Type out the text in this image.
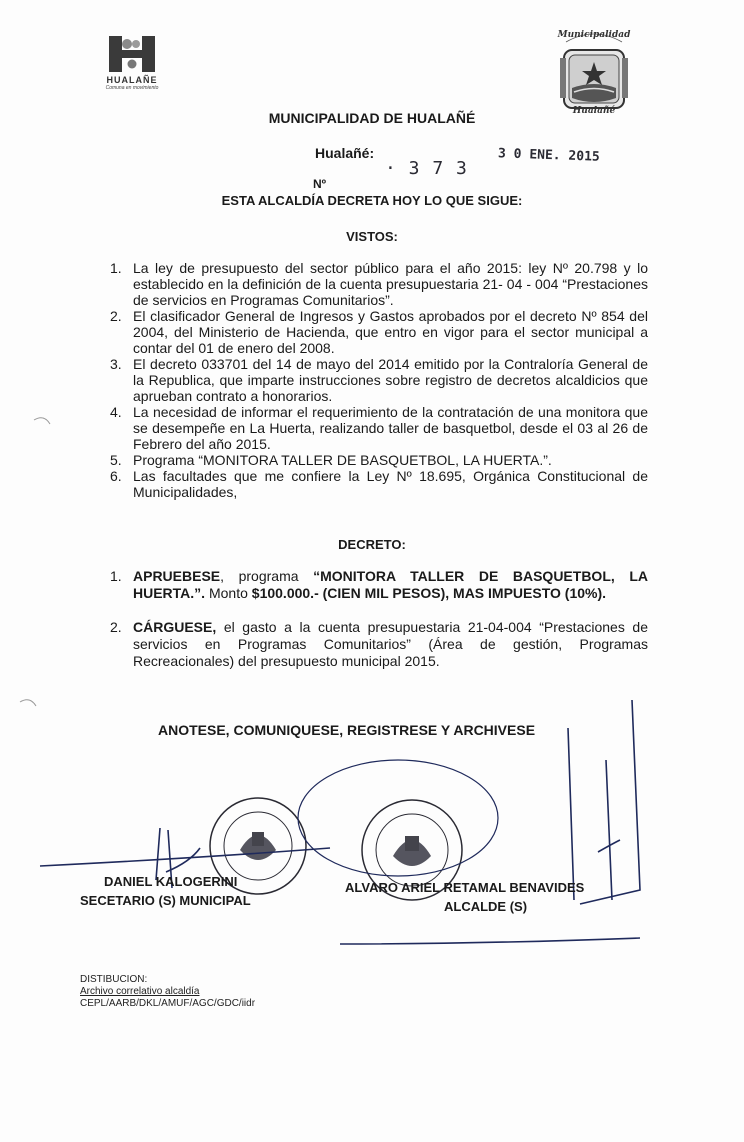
HUALAÑE
Comuna en movimiento
Municipalidad
Hualañé
MUNICIPALIDAD DE HUALAÑÉ
Hualañé:
Nº
· 3 7 3
3 0 ENE. 2015
ESTA ALCALDÍA DECRETA HOY LO QUE SIGUE:
VISTOS:
1. La ley de presupuesto del sector público para el año 2015: ley Nº 20.798 y lo establecido en la definición de la cuenta presupuestaria 21- 04 - 004 “Prestaciones de servicios en Programas Comunitarios”.
2. El clasificador General de Ingresos y Gastos aprobados por el decreto Nº 854 del 2004, del Ministerio de Hacienda, que entro en vigor para el sector municipal a contar del 01 de enero del 2008.
3. El decreto 033701 del 14 de mayo del 2014 emitido por la Contraloría General de la Republica, que imparte instrucciones sobre registro de decretos alcaldicios que aprueban contrato a honorarios.
4. La necesidad de informar el requerimiento de la contratación de una monitora que se desempeñe en La Huerta, realizando taller de basquetbol, desde el 03 al 26 de Febrero del año 2015.
5. Programa “MONITORA TALLER DE BASQUETBOL, LA HUERTA.”.
6. Las facultades que me confiere la Ley Nº 18.695, Orgánica Constitucional de Municipalidades,
DECRETO:
1. APRUEBESE, programa “MONITORA TALLER DE BASQUETBOL, LA HUERTA.”. Monto $100.000.- (CIEN MIL PESOS), MAS IMPUESTO (10%).
2. CÁRGUESE, el gasto a la cuenta presupuestaria 21-04-004 “Prestaciones de servicios en Programas Comunitarios” (Área de gestión, Programas Recreacionales) del presupuesto municipal 2015.
ANOTESE, COMUNIQUESE, REGISTRESE Y ARCHIVESE
DANIEL KALOGERINI
SECETARIO (S) MUNICIPAL
ALVARO ARIEL RETAMAL BENAVIDES
ALCALDE (S)
DISTIBUCION:
Archivo correlativo alcaldía
CEPL/AARB/DKL/AMUF/AGC/GDC/iidr
